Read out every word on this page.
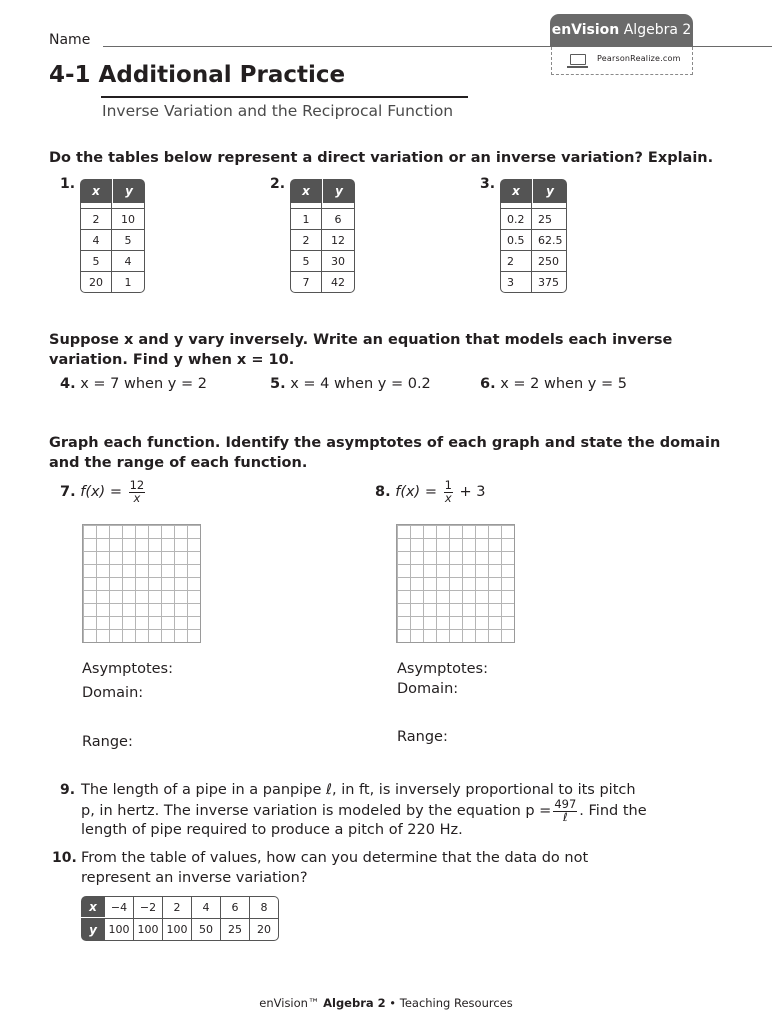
Name
enVision Algebra 2
PearsonRealize.com
4-1 Additional Practice
Inverse Variation and the Reciprocal Function
Do the tables below represent a direct variation or an inverse variation? Explain.
1. x	y

2	10
4	5
5	4
20	1
2. x	y

1	6
2	12
5	30
7	42
3. x	y

0.2	25
0.5	62.5
2	250
3	375
Suppose x and y vary inversely. Write an equation that models each inverse
variation. Find y when x = 10.
4. x = 7 when y = 2	5. x = 4 when y = 0.2	6. x = 2 when y = 5
Graph each function. Identify the asymptotes of each graph and state the domain
and the range of each function.
7. $f(x) = \frac{12}{x}$	8. $f(x) = \frac{1}{x} + 3$
Asymptotes:
Domain:
Range:
Asymptotes:
Domain:
Range:
9. The length of a pipe in a panpipe ℓ, in ft, is inversely proportional to its pitch
p, in hertz. The inverse variation is modeled by the equation $p = \frac{497}{\text{ℓ}}$ . Find the
length of pipe required to produce a pitch of 220 Hz.
10. From the table of values, how can you determine that the data do not
represent an inverse variation?
x	−4	−2	2	4	6	8
y	100	100	100	50	25	20
enVision™ Algebra 2 • Teaching Resources
